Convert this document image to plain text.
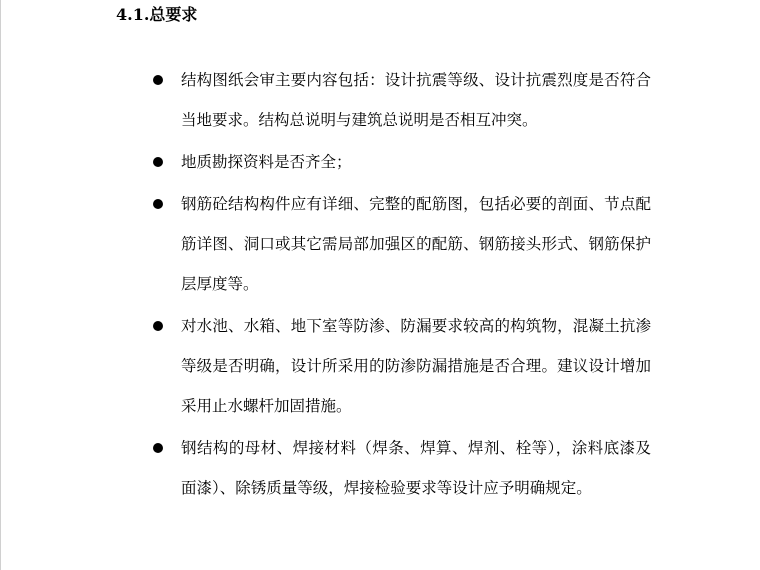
4.1.总要求
结构图纸会审主要内容包括：设计抗震等级、设计抗震烈度是否符合当地要求。结构总说明与建筑总说明是否相互冲突。
地质勘探资料是否齐全；
钢筋砼结构构件应有详细、完整的配筋图，包括必要的剖面、节点配筋详图、洞口或其它需局部加强区的配筋、钢筋接头形式、钢筋保护层厚度等。
对水池、水箱、地下室等防渗、防漏要求较高的构筑物，混凝土抗渗等级是否明确，设计所采用的防渗防漏措施是否合理。建议设计增加采用止水螺杆加固措施。
钢结构的母材、焊接材料（焊条、焊算、焊剂、栓等），涂料底漆及面漆）、除锈质量等级，焊接检验要求等设计应予明确规定。
